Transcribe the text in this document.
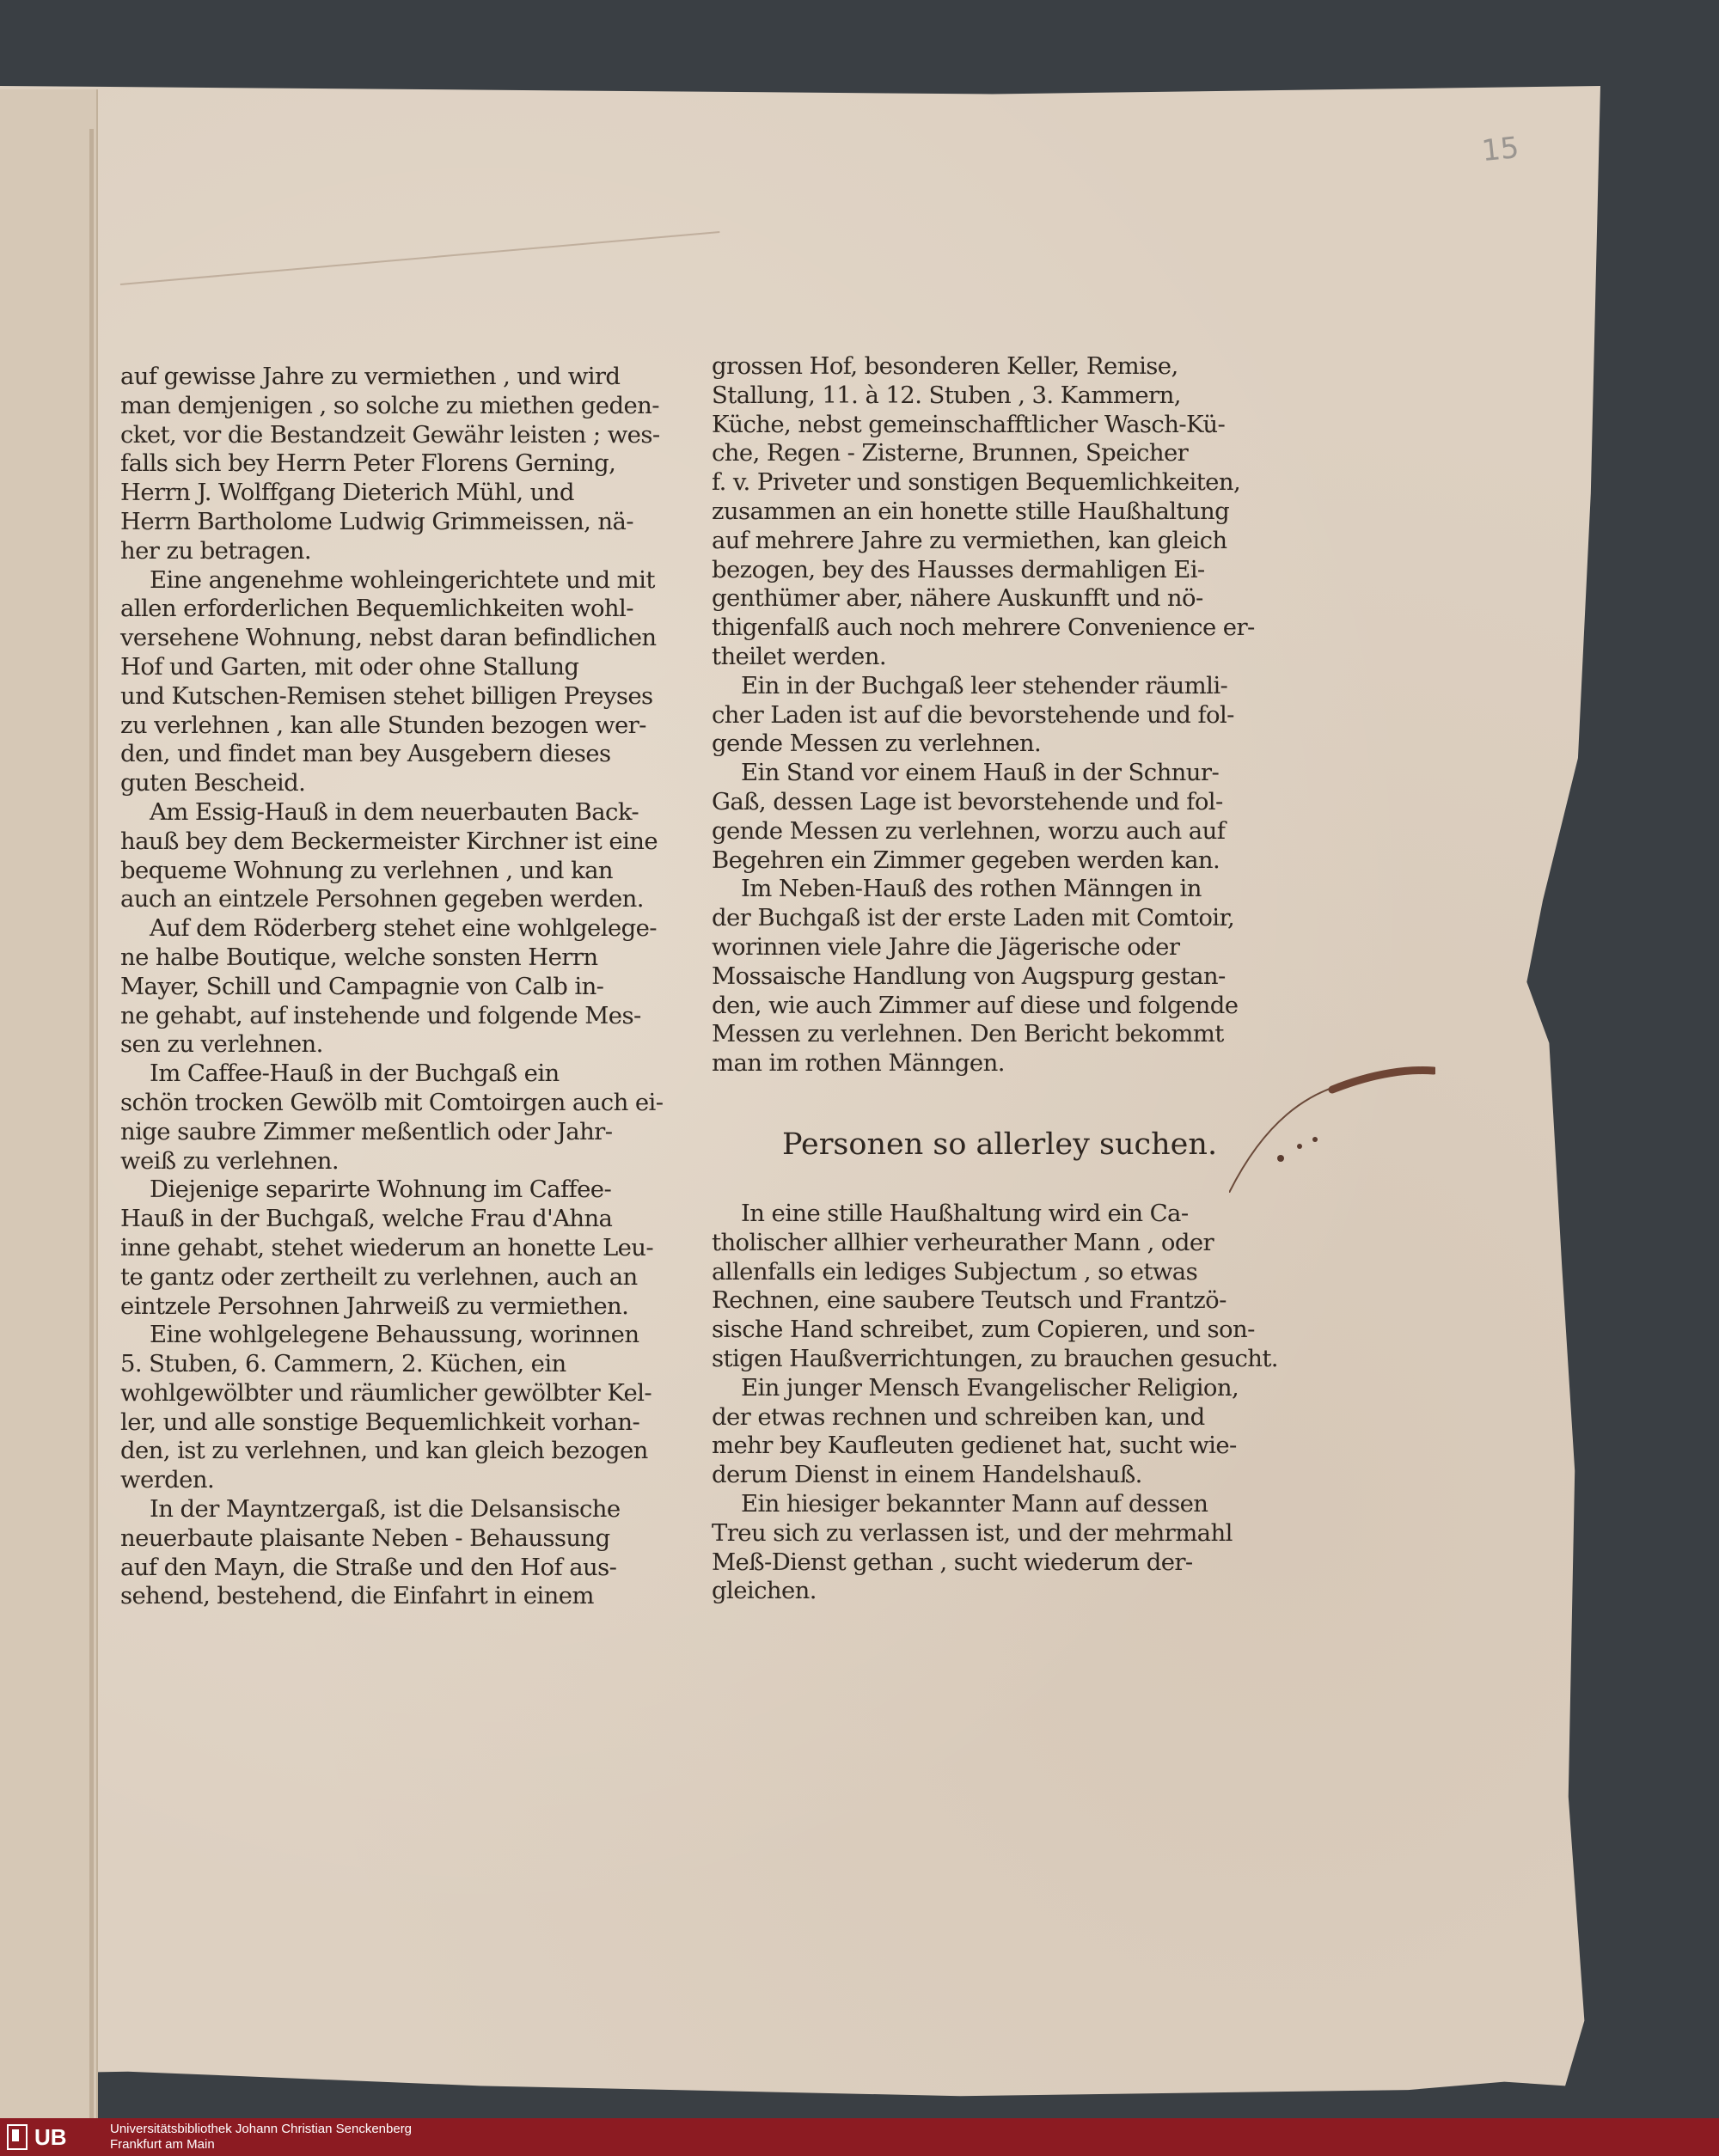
15
auf gewisse Jahre zu vermiethen , und wird
man demjenigen , so solche zu miethen geden-
cket, vor die Bestandzeit Gewähr leisten ; wes-
falls sich bey Herrn Peter Florens Gerning,
Herrn J. Wolffgang Dieterich Mühl, und
Herrn Bartholome Ludwig Grimmeissen, nä-
her zu betragen.
Eine angenehme wohleingerichtete und mit
allen erforderlichen Bequemlichkeiten wohl-
versehene Wohnung, nebst daran befindlichen
Hof und Garten, mit oder ohne Stallung
und Kutschen-Remisen stehet billigen Preyses
zu verlehnen , kan alle Stunden bezogen wer-
den, und findet man bey Ausgebern dieses
guten Bescheid.
Am Essig-Hauß in dem neuerbauten Back-
hauß bey dem Beckermeister Kirchner ist eine
bequeme Wohnung zu verlehnen , und kan
auch an eintzele Persohnen gegeben werden.
Auf dem Röderberg stehet eine wohlgelege-
ne halbe Boutique, welche sonsten Herrn
Mayer, Schill und Campagnie von Calb in-
ne gehabt, auf instehende und folgende Mes-
sen zu verlehnen.
Im Caffee-Hauß in der Buchgaß ein
schön trocken Gewölb mit Comtoirgen auch ei-
nige saubre Zimmer meßentlich oder Jahr-
weiß zu verlehnen.
Diejenige separirte Wohnung im Caffee-
Hauß in der Buchgaß, welche Frau d'Ahna
inne gehabt, stehet wiederum an honette Leu-
te gantz oder zertheilt zu verlehnen, auch an
eintzele Persohnen Jahrweiß zu vermiethen.
Eine wohlgelegene Behaussung, worinnen
5. Stuben, 6. Cammern, 2. Küchen, ein
wohlgewölbter und räumlicher gewölbter Kel-
ler, und alle sonstige Bequemlichkeit vorhan-
den, ist zu verlehnen, und kan gleich bezogen
werden.
In der Mayntzergaß, ist die Delsansische
neuerbaute plaisante Neben - Behaussung
auf den Mayn, die Straße und den Hof aus-
sehend, bestehend, die Einfahrt in einem
grossen Hof, besonderen Keller, Remise,
Stallung, 11. à 12. Stuben , 3. Kammern,
Küche, nebst gemeinschafftlicher Wasch-Kü-
che, Regen - Zisterne, Brunnen, Speicher
f. v. Priveter und sonstigen Bequemlichkeiten,
zusammen an ein honette stille Haußhaltung
auf mehrere Jahre zu vermiethen, kan gleich
bezogen, bey des Hausses dermahligen Ei-
genthümer aber, nähere Auskunfft und nö-
thigenfalß auch noch mehrere Convenience er-
theilet werden.
Ein in der Buchgaß leer stehender räumli-
cher Laden ist auf die bevorstehende und fol-
gende Messen zu verlehnen.
Ein Stand vor einem Hauß in der Schnur-
Gaß, dessen Lage ist bevorstehende und fol-
gende Messen zu verlehnen, worzu auch auf
Begehren ein Zimmer gegeben werden kan.
Im Neben-Hauß des rothen Männgen in
der Buchgaß ist der erste Laden mit Comtoir,
worinnen viele Jahre die Jägerische oder
Mossaische Handlung von Augspurg gestan-
den, wie auch Zimmer auf diese und folgende
Messen zu verlehnen. Den Bericht bekommt
man im rothen Männgen.
Personen so allerley suchen.
In eine stille Haußhaltung wird ein Ca-
tholischer allhier verheurather Mann , oder
allenfalls ein lediges Subjectum , so etwas
Rechnen, eine saubere Teutsch und Frantzö-
sische Hand schreibet, zum Copieren, und son-
stigen Haußverrichtungen, zu brauchen gesucht.
Ein junger Mensch Evangelischer Religion,
der etwas rechnen und schreiben kan, und
mehr bey Kaufleuten gedienet hat, sucht wie-
derum Dienst in einem Handelshauß.
Ein hiesiger bekannter Mann auf dessen
Treu sich zu verlassen ist, und der mehrmahl
Meß-Dienst gethan , sucht wiederum der-
gleichen.
UB	Universitätsbibliothek Johann Christian Senckenberg
Frankfurt am Main
